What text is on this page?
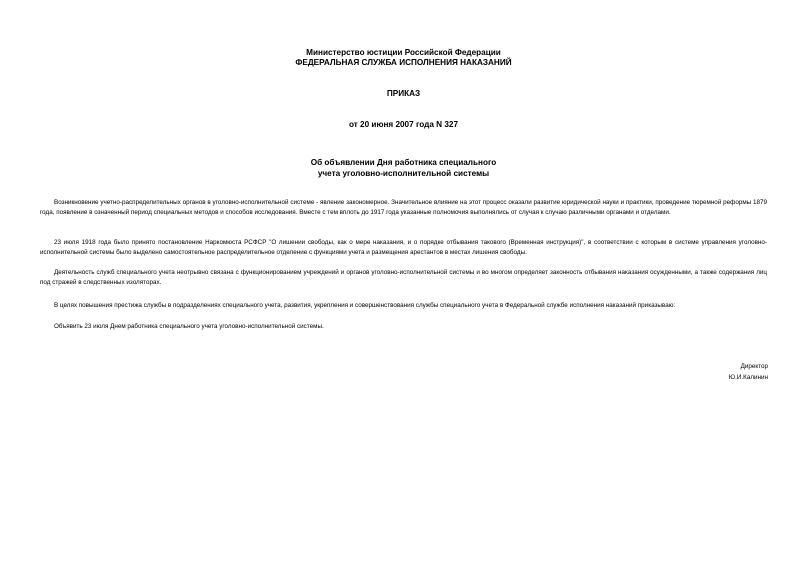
Министерство юстиции Российской Федерации
ФЕДЕРАЛЬНАЯ СЛУЖБА ИСПОЛНЕНИЯ НАКАЗАНИЙ
ПРИКАЗ
от 20 июня 2007 года N 327
Об объявлении Дня работника специального
учета уголовно-исполнительной системы

Возникновение учетно-распределительных органов в уголовно-исполнительной системе - явление закономерное. Значительное влияние на этот процесс оказали развитие юридической науки и практики, проведение тюремной реформы 1879 года, появление в означенный период специальных методов и способов исследования. Вместе с тем вплоть до 1917 года указанные полномочия выполнялись от случая к случаю различными органами и отделами.

23 июля 1918 года было принято постановление Наркомюста РСФСР "О лишении свободы, как о мере наказания, и о порядке отбывания такового (Временная инструкция)", в соответствии с которым в системе управления уголовно-исполнительной системы было выделено самостоятельное распределительное отделение с функциями учета и размещения арестантов в местах лишения свободы.

Деятельность служб специального учета неотрывно связана с функционированием учреждений и органов уголовно-исполнительной системы и во многом определяет законность отбывания наказания осужденными, а также содержания лиц под стражей в следственных изоляторах.

В целях повышения престижа службы в подразделениях специального учета, развития, укрепления и совершенствования службы специального учета в Федеральной службе исполнения наказаний приказываю:

Объявить 23 июля Днем работника специального учета уголовно-исполнительной системы.

Директор
Ю.И.Калинин
